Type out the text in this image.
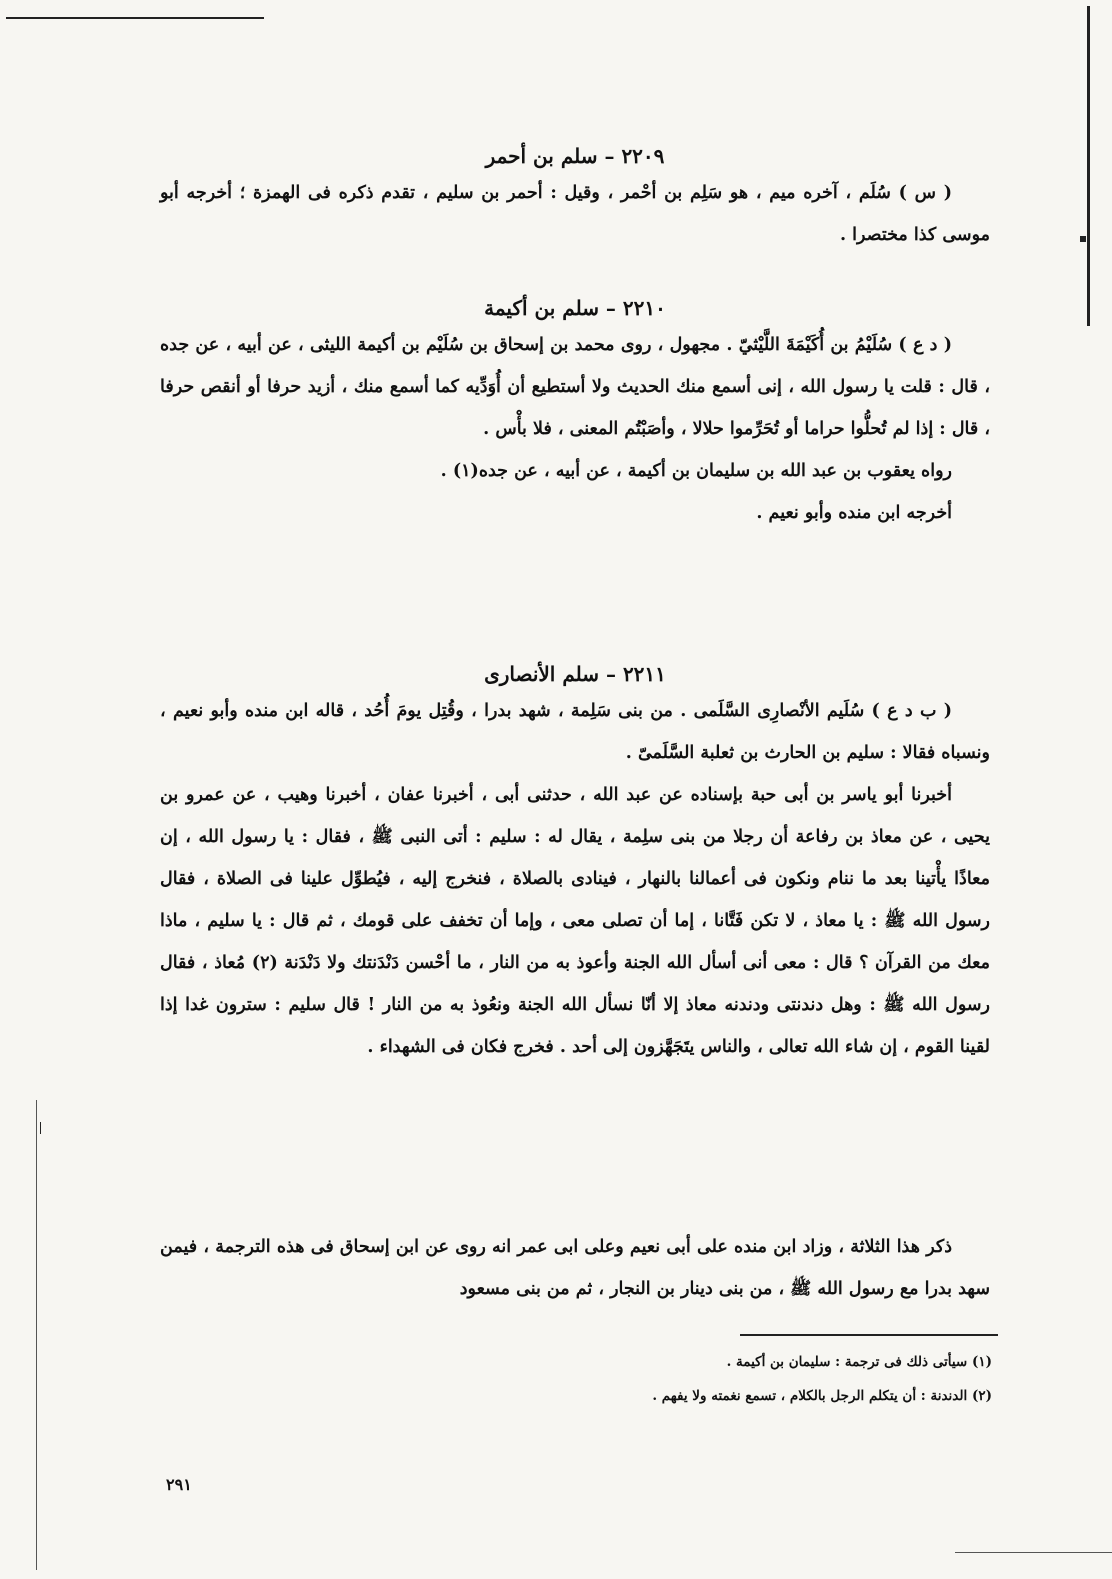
٢٢٠٩ – سلم بن أحمر

( س ) سُلَم ، آخره ميم ، هو سَلِم بن أحْمر ، وقيل : أحمر بن سليم ، تقدم ذكره فى الهمزة ؛ أخرجه أبو موسى كذا مختصرا .

٢٢١٠ – سلم بن أكيمة

( د ع ) سُلَيْمُ بن أُكَيْمَةَ اللَّيْثيّ . مجهول ، روى محمد بن إسحاق بن سُلَيْم بن أكيمة الليثى ، عن أبيه ، عن جده ، قال : قلت يا رسول الله ، إنى أسمع منك الحديث ولا أستطيع أن أُوَدِّيه كما أسمع منك ، أزيد حرفا أو أنقص حرفا ، قال : إذا لم تُحلُّوا حراما أو تُحَرِّموا حلالا ، وأصَبْتُم المعنى ، فلا بأْس .

رواه يعقوب بن عبد الله بن سليمان بن أكيمة ، عن أبيه ، عن جده(١) .

أخرجه ابن منده وأبو نعيم .

٢٢١١ – سلم الأنصارى

( ب د ع ) سُلَيم الأنْصارِى السَّلَمى . من بنى سَلِمة ، شهد بدرا ، وقُتِل يومَ أُحُد ، قاله ابن منده وأبو نعيم ، ونسباه فقالا : سليم بن الحارث بن ثعلبة السَّلَمىّ .

أخبرنا أبو ياسر بن أبى حبة بإسناده عن عبد الله ، حدثنى أبى ، أخبرنا عفان ، أخبرنا وهيب ، عن عمرو بن يحيى ، عن معاذ بن رفاعة أن رجلا من بنى سلِمة ، يقال له : سليم : أتى النبى ﷺ ، فقال : يا رسول الله ، إن معاذًا يأْتينا بعد ما ننام ونكون فى أعمالنا بالنهار ، فينادى بالصلاة ، فنخرج إليه ، فيُطوِّل علينا فى الصلاة ، فقال رسول الله ﷺ : يا معاذ ، لا تكن فَتَّانا ، إما أن تصلى معى ، وإما أن تخفف على قومك ، ثم قال : يا سليم ، ماذا معك من القرآن ؟ قال : معى أنى أسأل الله الجنة وأعوذ به من النار ، ما أحْسن دَنْدَنتك ولا دَنْدَنة (٢) مُعاذ ، فقال رسول الله ﷺ : وهل دندنتى ودندنه معاذ إلا أنّا نسأل الله الجنة ونعُوذ به من النار ! قال سليم : سترون غدا إذا لقينا القوم ، إن شاء الله تعالى ، والناس يتَجَهَّزون إلى أحد . فخرج فكان فى الشهداء .

ذكر هذا الثلاثة ، وزاد ابن منده على أبى نعيم وعلى ابى عمر انه روى عن ابن إسحاق فى هذه الترجمة ، فيمن سهد بدرا مع رسول الله ﷺ ، من بنى دينار بن النجار ، ثم من بنى مسعود

(١) سيأتى ذلك فى ترجمة : سليمان بن أكيمة .
(٢) الدندنة : أن يتكلم الرجل بالكلام ، تسمع نغمته ولا يفهم .
٢٩١
